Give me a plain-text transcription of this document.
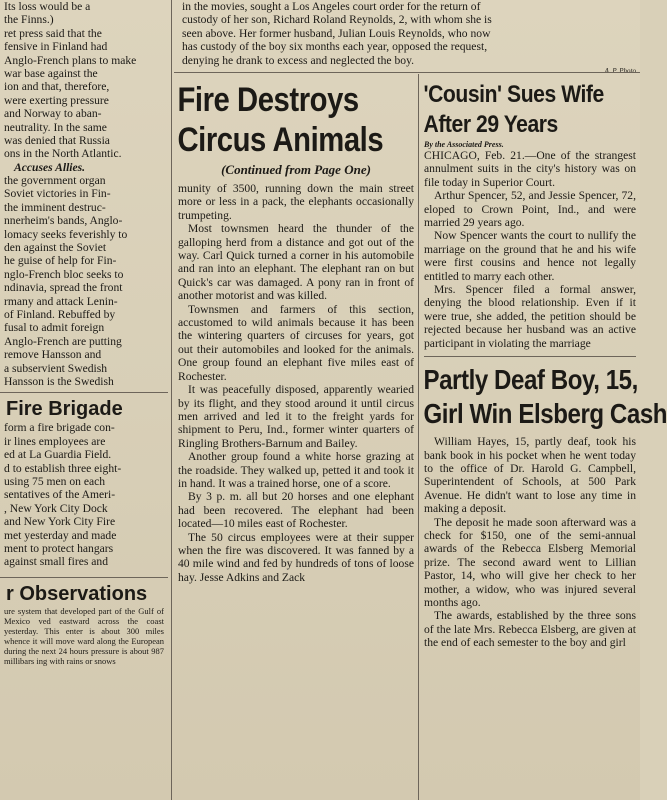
in the movies, sought a Los Angeles court order for the return of

custody of her son, Richard Roland Reynolds, 2, with whom she is

seen above. Her former husband, Julian Louis Reynolds, who now

has custody of the boy six months each year, opposed the request,

denying he drank to excess and neglected the boy.

Its loss would be a

the Finns.)

ret press said that the

fensive in Finland had

Anglo-French plans to make

war base against the

ion and that, therefore,

were exerting pressure

and Norway to aban-

neutrality. In the same

was denied that Russia

ons in the North Atlantic.

Accuses Allies.

the government organ

Soviet victories in Fin-

the imminent destruc-

nnerheim's bands, Anglo-

lomacy seeks feverishly to

den against the Soviet

he guise of help for Fin-

nglo-French bloc seeks to

ndinavia, spread the front

rmany and attack Lenin-

of Finland. Rebuffed by

fusal to admit foreign

Anglo-French are putting

remove Hansson and

a subservient Swedish

Hansson is the Swedish

Fire Brigade

form a fire brigade con-

ir lines employees are

ed at La Guardia Field.

d to establish three eight-

using 75 men on each

sentatives of the Ameri-

, New York City Dock

and New York City Fire

met yesterday and made

ment to protect hangars

against small fires and

r Observations
ure system that developed part of the Gulf of Mexico ved eastward across the coast yesterday. This enter is about 300 miles whence it will move ward along the European during the next 24 hours pressure is about 987 millibars ing with rains or snows
Fire Destroys
Circus Animals
(Continued from Page One)

munity of 3500, running down the main street more or less in a pack, the elephants occasionally trumpeting.

Most townsmen heard the thunder of the galloping herd from a distance and got out of the way. Carl Quick turned a corner in his automobile and ran into an elephant. The elephant ran on but Quick's car was damaged. A pony ran in front of another motorist and was killed.

Townsmen and farmers of this section, accustomed to wild animals because it has been the wintering quarters of circuses for years, got out their automobiles and looked for the animals. One group found an elephant five miles east of Rochester.

It was peacefully disposed, apparently wearied by its flight, and they stood around it until circus men arrived and led it to the freight yards for shipment to Peru, Ind., former winter quarters of Ringling Brothers-Barnum and Bailey.

Another group found a white horse grazing at the roadside. They walked up, petted it and took it in hand. It was a trained horse, one of a score.

By 3 p. m. all but 20 horses and one elephant had been recovered. The elephant had been located—10 miles east of Rochester.

The 50 circus employees were at their supper when the fire was discovered. It was fanned by a 40 mile wind and fed by hundreds of tons of loose hay. Jesse Adkins and Zack

'Cousin' Sues Wife
After 29 Years
By the Associated Press.

CHICAGO, Feb. 21.—One of the strangest annulment suits in the city's history was on file today in Superior Court.

Arthur Spencer, 52, and Jessie Spencer, 72, eloped to Crown Point, Ind., and were married 29 years ago.

Now Spencer wants the court to nullify the marriage on the ground that he and his wife were first cousins and hence not legally entitled to marry each other.

Mrs. Spencer filed a formal answer, denying the blood relationship. Even if it were true, she added, the petition should be rejected because her husband was an active participant in violating the marriage

Partly Deaf Boy, 15,
Girl Win Elsberg Cash

William Hayes, 15, partly deaf, took his bank book in his pocket when he went today to the office of Dr. Harold G. Campbell, Superintendent of Schools, at 500 Park Avenue. He didn't want to lose any time in making a deposit.

The deposit he made soon afterward was a check for $150, one of the semi-annual awards of the Rebecca Elsberg Memorial prize. The second award went to Lillian Pastor, 14, who will give her check to her mother, a widow, who was injured several months ago.

The awards, established by the three sons of the late Mrs. Rebecca Elsberg, are given at the end of each semester to the boy and girl
